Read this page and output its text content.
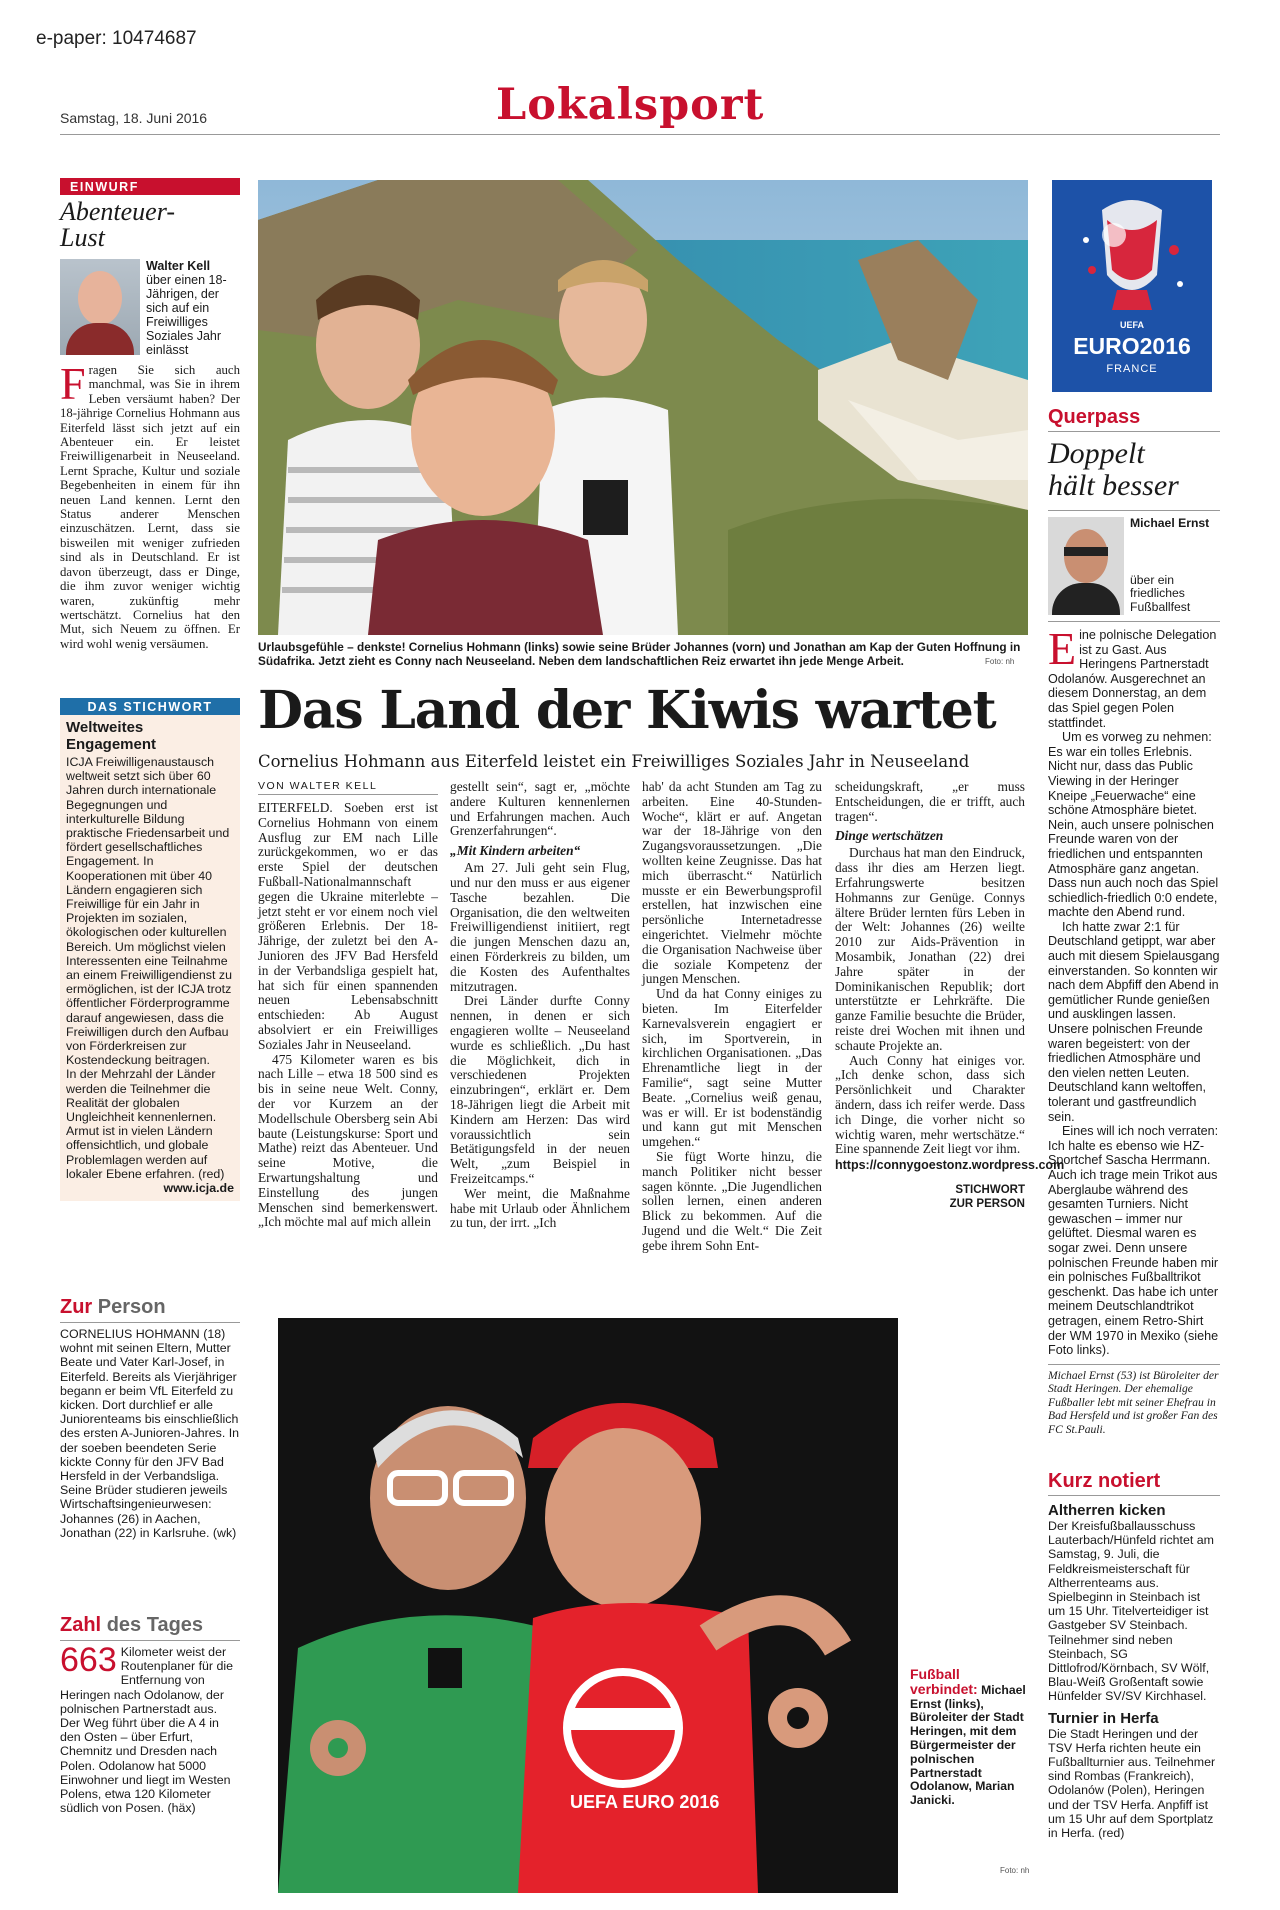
e-paper: 10474687
Samstag, 18. Juni 2016	Lokalsport
EINWURF
Abenteuer-
Lust
Walter Kell
über einen 18-Jährigen, der sich auf ein Freiwilliges Soziales Jahr einlässt
Fragen Sie sich auch manchmal, was Sie in ihrem Leben versäumt haben? Der 18-jährige Cornelius Hohmann aus Eiterfeld lässt sich jetzt auf ein Abenteuer ein. Er leistet Freiwilligenarbeit in Neuseeland. Lernt Sprache, Kultur und soziale Begebenheiten in einem für ihn neuen Land kennen. Lernt den Status anderer Menschen einzuschätzen. Lernt, dass sie bisweilen mit weniger zufrieden sind als in Deutschland. Er ist davon überzeugt, dass er Dinge, die ihm zuvor weniger wichtig waren, zukünftig mehr wertschätzt. Cornelius hat den Mut, sich Neuem zu öffnen. Er wird wohl wenig versäumen.
DAS STICHWORT
Weltweites Engagement
ICJA Freiwilligenaustausch weltweit setzt sich über 60 Jahren durch internationale Begegnungen und interkulturelle Bildung praktische Friedensarbeit und fördert gesellschaftliches Engagement. In Kooperationen mit über 40 Ländern engagieren sich Freiwillige für ein Jahr in Projekten im sozialen, ökologischen oder kulturellen Bereich. Um möglichst vielen Interessenten eine Teilnahme an einem Freiwilligendienst zu ermöglichen, ist der ICJA trotz öffentlicher Förderprogramme darauf angewiesen, dass die Freiwilligen durch den Aufbau von Förderkreisen zur Kostendeckung beitragen.
In der Mehrzahl der Länder werden die Teilnehmer die Realität der globalen Ungleichheit kennenlernen. Armut ist in vielen Ländern offensichtlich, und globale Problemlagen werden auf lokaler Ebene erfahren. (red)
www.icja.de
Zur Person
CORNELIUS HOHMANN (18) wohnt mit seinen Eltern, Mutter Beate und Vater Karl-Josef, in Eiterfeld. Bereits als Vierjähriger begann er beim VfL Eiterfeld zu kicken. Dort durchlief er alle Juniorenteams bis einschließlich des ersten A-Junioren-Jahres. In der soeben beendeten Serie kickte Conny für den JFV Bad Hersfeld in der Verbandsliga. Seine Brüder studieren jeweils Wirtschaftsingenieurwesen: Johannes (26) in Aachen, Jonathan (22) in Karlsruhe. (wk)
Zahl des Tages
663 Kilometer weist der Routenplaner für die Entfernung von Heringen nach Odolanow, der polnischen Partnerstadt aus. Der Weg führt über die A 4 in den Osten – über Erfurt, Chemnitz und Dresden nach Polen. Odolanow hat 5000 Einwohner und liegt im Westen Polens, etwa 120 Kilometer südlich von Posen. (häx)
Urlaubsgefühle – denkste! Cornelius Hohmann (links) sowie seine Brüder Johannes (vorn) und Jonathan am Kap der Guten Hoffnung in Südafrika. Jetzt zieht es Conny nach Neuseeland. Neben dem landschaftlichen Reiz erwartet ihn jede Menge Arbeit.	Foto: nh
Das Land der Kiwis wartet
Cornelius Hohmann aus Eiterfeld leistet ein Freiwilliges Soziales Jahr in Neuseeland
VON WALTER KELL

EITERFELD. Soeben erst ist Cornelius Hohmann von einem Ausflug zur EM nach Lille zurückgekommen, wo er das erste Spiel der deutschen Fußball-Nationalmannschaft gegen die Ukraine miterlebte – jetzt steht er vor einem noch viel größeren Erlebnis. Der 18-Jährige, der zuletzt bei den A-Junioren des JFV Bad Hersfeld in der Verbandsliga gespielt hat, hat sich für einen spannenden neuen Lebensabschnitt entschieden: Ab August absolviert er ein Freiwilliges Soziales Jahr in Neuseeland.

475 Kilometer waren es bis nach Lille – etwa 18 500 sind es bis in seine neue Welt. Conny, der vor Kurzem an der Modellschule Obersberg sein Abi baute (Leistungskurse: Sport und Mathe) reizt das Abenteuer. Und seine Motive, die Erwartungshaltung und Einstellung des jungen Menschen sind bemerkenswert. „Ich möchte mal auf mich allein

gestellt sein“, sagt er, „möchte andere Kulturen kennenlernen und Erfahrungen machen. Auch Grenzerfahrungen“.

„Mit Kindern arbeiten“

Am 27. Juli geht sein Flug, und nur den muss er aus eigener Tasche bezahlen. Die Organisation, die den weltweiten Freiwilligendienst initiiert, regt die jungen Menschen dazu an, einen Förderkreis zu bilden, um die Kosten des Aufenthaltes mitzutragen.

Drei Länder durfte Conny nennen, in denen er sich engagieren wollte – Neuseeland wurde es schließlich. „Du hast die Möglichkeit, dich in verschiedenen Projekten einzubringen“, erklärt er. Dem 18-Jährigen liegt die Arbeit mit Kindern am Herzen: Das wird voraussichtlich sein Betätigungsfeld in der neuen Welt, „zum Beispiel in Freizeitcamps.“

Wer meint, die Maßnahme habe mit Urlaub oder Ähnlichem zu tun, der irrt. „Ich

hab' da acht Stunden am Tag zu arbeiten. Eine 40-Stunden-Woche“, klärt er auf. Angetan war der 18-Jährige von den Zugangsvoraussetzungen. „Die wollten keine Zeugnisse. Das hat mich überrascht.“ Natürlich musste er ein Bewerbungsprofil erstellen, hat inzwischen eine persönliche Internetadresse eingerichtet. Vielmehr möchte die Organisation Nachweise über die soziale Kompetenz der jungen Menschen.

Und da hat Conny einiges zu bieten. Im Eiterfelder Karnevalsverein engagiert er sich, im Sportverein, in kirchlichen Organisationen. „Das Ehrenamtliche liegt in der Familie“, sagt seine Mutter Beate. „Cornelius weiß genau, was er will. Er ist bodenständig und kann gut mit Menschen umgehen.“

Sie fügt Worte hinzu, die manch Politiker nicht besser sagen könnte. „Die Jugendlichen sollen lernen, einen anderen Blick zu bekommen. Auf die Jugend und die Welt.“ Die Zeit gebe ihrem Sohn Ent-

scheidungskraft, „er muss Entscheidungen, die er trifft, auch tragen“.

Dinge wertschätzen

Durchaus hat man den Eindruck, dass ihr dies am Herzen liegt. Erfahrungswerte besitzen Hohmanns zur Genüge. Connys ältere Brüder lernten fürs Leben in der Welt: Johannes (26) weilte 2010 zur Aids-Prävention in Mosambik, Jonathan (22) drei Jahre später in der Dominikanischen Republik; dort unterstützte er Lehrkräfte. Die ganze Familie besuchte die Brüder, reiste drei Wochen mit ihnen und schaute Projekte an.

Auch Conny hat einiges vor. „Ich denke schon, dass sich Persönlichkeit und Charakter ändern, dass ich reifer werde. Dass ich Dinge, die vorher nicht so wichtig waren, mehr wertschätze.“ Eine spannende Zeit liegt vor ihm.

https://connygoestonz.wordpress.com
STICHWORT
ZUR PERSON
UEFA EURO 2016
Fußball verbindet: Michael Ernst (links), Büroleiter der Stadt Heringen, mit dem Bürgermeister der polnischen Partnerstadt Odolanow, Marian Janicki.
Foto: nh
UEFA
EURO2016
FRANCE
Querpass
Doppelt
hält besser
Michael Ernst
über ein friedliches Fußballfest
Eine polnische Delegation ist zu Gast. Aus Heringens Partnerstadt Odolanów. Ausgerechnet an diesem Donnerstag, an dem das Spiel gegen Polen stattfindet.
Um es vorweg zu nehmen: Es war ein tolles Erlebnis. Nicht nur, dass das Public Viewing in der Heringer Kneipe „Feuerwache“ eine schöne Atmosphäre bietet. Nein, auch unsere polnischen Freunde waren von der friedlichen und entspannten Atmosphäre ganz angetan. Dass nun auch noch das Spiel schiedlich-friedlich 0:0 endete, machte den Abend rund.
Ich hatte zwar 2:1 für Deutschland getippt, war aber auch mit diesem Spielausgang einverstanden. So konnten wir nach dem Abpfiff den Abend in gemütlicher Runde genießen und ausklingen lassen. Unsere polnischen Freunde waren begeistert: von der friedlichen Atmosphäre und den vielen netten Leuten. Deutschland kann weltoffen, tolerant und gastfreundlich sein.
Eines will ich noch verraten: Ich halte es ebenso wie HZ-Sportchef Sascha Herrmann. Auch ich trage mein Trikot aus Aberglaube während des gesamten Turniers. Nicht gewaschen – immer nur gelüftet. Diesmal waren es sogar zwei. Denn unsere polnischen Freunde haben mir ein polnisches Fußballtrikot geschenkt. Das habe ich unter meinem Deutschlandtrikot getragen, einem Retro-Shirt der WM 1970 in Mexiko (siehe Foto links).
Michael Ernst (53) ist Büroleiter der Stadt Heringen. Der ehemalige Fußballer lebt mit seiner Ehefrau in Bad Hersfeld und ist großer Fan des FC St.Pauli.
Kurz notiert
Altherren kicken
Der Kreisfußballausschuss Lauterbach/Hünfeld richtet am Samstag, 9. Juli, die Feldkreismeisterschaft für Altherrenteams aus. Spielbeginn in Steinbach ist um 15 Uhr. Titelverteidiger ist Gastgeber SV Steinbach. Teilnehmer sind neben Steinbach, SG Dittlofrod/Körnbach, SV Wölf, Blau-Weiß Großentaft sowie Hünfelder SV/SV Kirchhasel.
Turnier in Herfa
Die Stadt Heringen und der TSV Herfa richten heute ein Fußballturnier aus. Teilnehmer sind Rombas (Frankreich), Odolanów (Polen), Heringen und der TSV Herfa. Anpfiff ist um 15 Uhr auf dem Sportplatz in Herfa. (red)
